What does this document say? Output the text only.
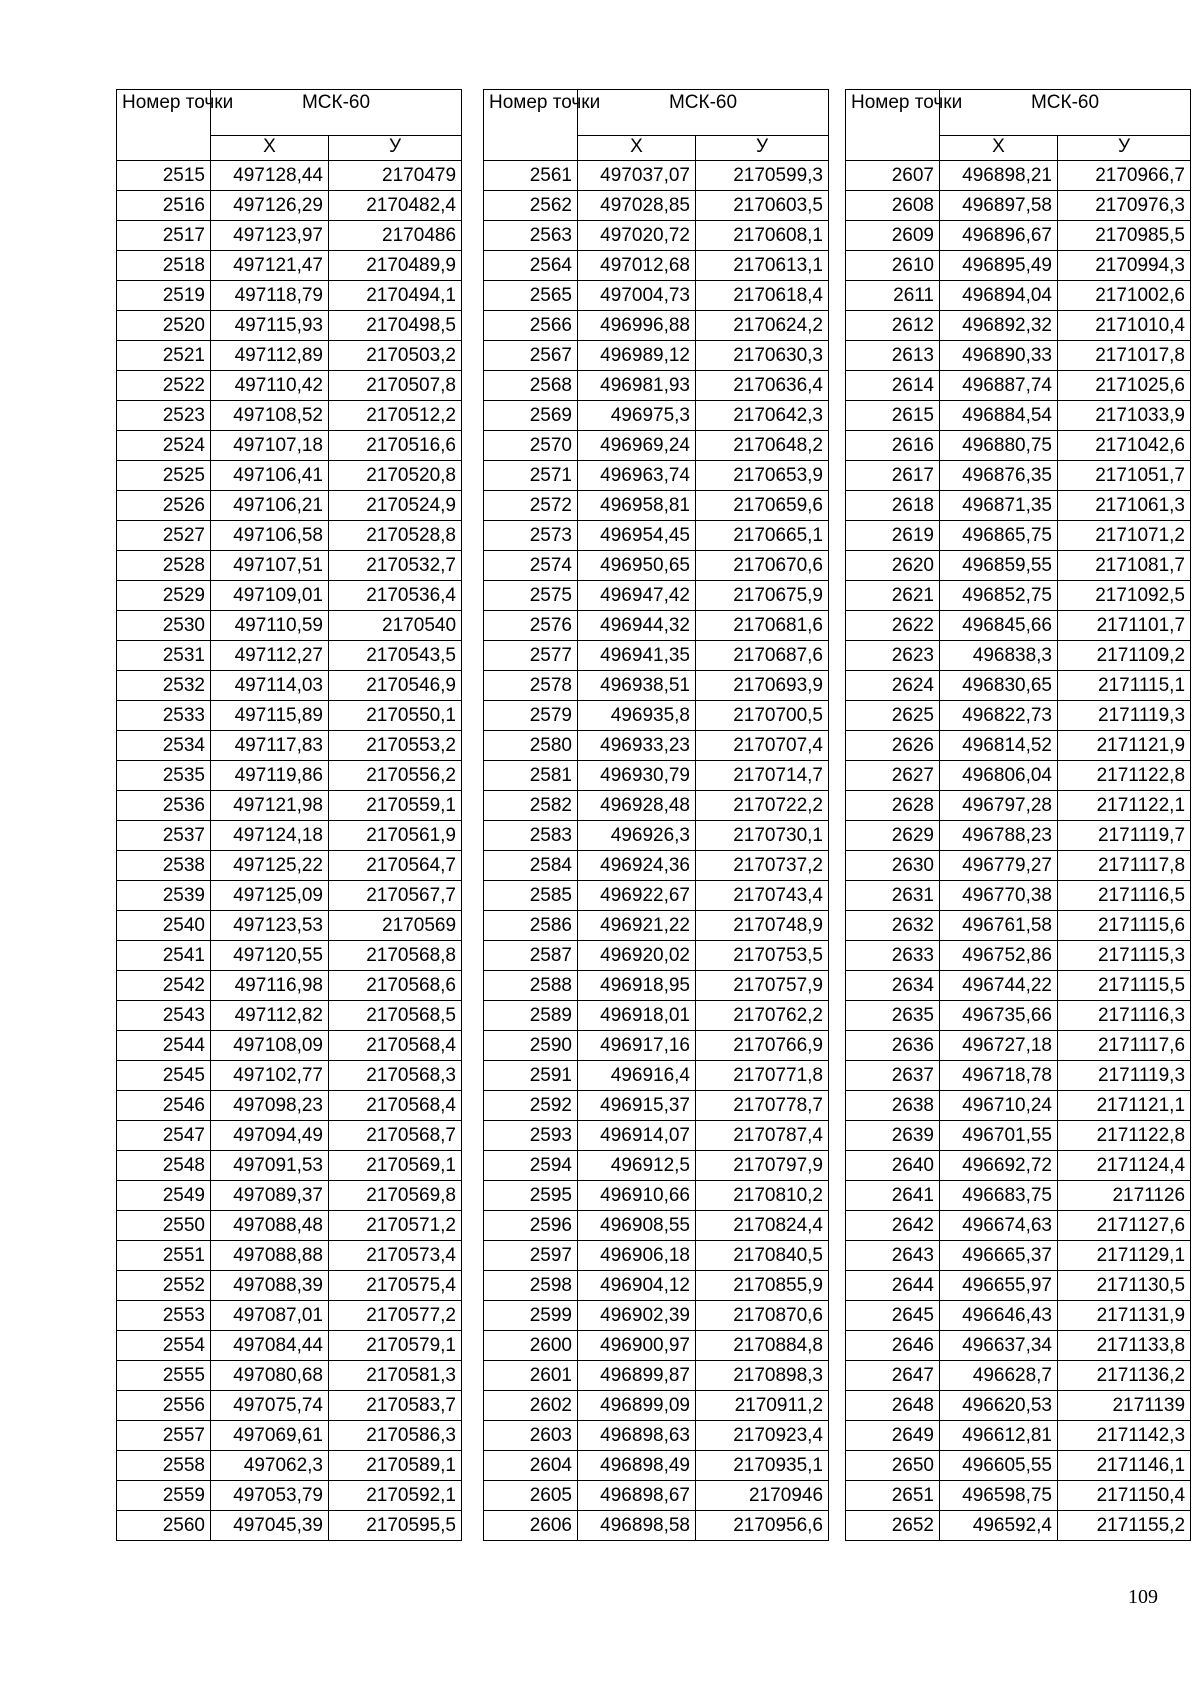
Номер точки	МСК-60	
	Х	У
2515	497128,44	2170479
2516	497126,29	2170482,4
2517	497123,97	2170486
2518	497121,47	2170489,9
2519	497118,79	2170494,1
2520	497115,93	2170498,5
2521	497112,89	2170503,2
2522	497110,42	2170507,8
2523	497108,52	2170512,2
2524	497107,18	2170516,6
2525	497106,41	2170520,8
2526	497106,21	2170524,9
2527	497106,58	2170528,8
2528	497107,51	2170532,7
2529	497109,01	2170536,4
2530	497110,59	2170540
2531	497112,27	2170543,5
2532	497114,03	2170546,9
2533	497115,89	2170550,1
2534	497117,83	2170553,2
2535	497119,86	2170556,2
2536	497121,98	2170559,1
2537	497124,18	2170561,9
2538	497125,22	2170564,7
2539	497125,09	2170567,7
2540	497123,53	2170569
2541	497120,55	2170568,8
2542	497116,98	2170568,6
2543	497112,82	2170568,5
2544	497108,09	2170568,4
2545	497102,77	2170568,3
2546	497098,23	2170568,4
2547	497094,49	2170568,7
2548	497091,53	2170569,1
2549	497089,37	2170569,8
2550	497088,48	2170571,2
2551	497088,88	2170573,4
2552	497088,39	2170575,4
2553	497087,01	2170577,2
2554	497084,44	2170579,1
2555	497080,68	2170581,3
2556	497075,74	2170583,7
2557	497069,61	2170586,3
2558	497062,3	2170589,1
2559	497053,79	2170592,1
2560	497045,39	2170595,5
Номер точки	МСК-60	
	Х	У
2561	497037,07	2170599,3
2562	497028,85	2170603,5
2563	497020,72	2170608,1
2564	497012,68	2170613,1
2565	497004,73	2170618,4
2566	496996,88	2170624,2
2567	496989,12	2170630,3
2568	496981,93	2170636,4
2569	496975,3	2170642,3
2570	496969,24	2170648,2
2571	496963,74	2170653,9
2572	496958,81	2170659,6
2573	496954,45	2170665,1
2574	496950,65	2170670,6
2575	496947,42	2170675,9
2576	496944,32	2170681,6
2577	496941,35	2170687,6
2578	496938,51	2170693,9
2579	496935,8	2170700,5
2580	496933,23	2170707,4
2581	496930,79	2170714,7
2582	496928,48	2170722,2
2583	496926,3	2170730,1
2584	496924,36	2170737,2
2585	496922,67	2170743,4
2586	496921,22	2170748,9
2587	496920,02	2170753,5
2588	496918,95	2170757,9
2589	496918,01	2170762,2
2590	496917,16	2170766,9
2591	496916,4	2170771,8
2592	496915,37	2170778,7
2593	496914,07	2170787,4
2594	496912,5	2170797,9
2595	496910,66	2170810,2
2596	496908,55	2170824,4
2597	496906,18	2170840,5
2598	496904,12	2170855,9
2599	496902,39	2170870,6
2600	496900,97	2170884,8
2601	496899,87	2170898,3
2602	496899,09	2170911,2
2603	496898,63	2170923,4
2604	496898,49	2170935,1
2605	496898,67	2170946
2606	496898,58	2170956,6
Номер точки	МСК-60	
	Х	У
2607	496898,21	2170966,7
2608	496897,58	2170976,3
2609	496896,67	2170985,5
2610	496895,49	2170994,3
2611	496894,04	2171002,6
2612	496892,32	2171010,4
2613	496890,33	2171017,8
2614	496887,74	2171025,6
2615	496884,54	2171033,9
2616	496880,75	2171042,6
2617	496876,35	2171051,7
2618	496871,35	2171061,3
2619	496865,75	2171071,2
2620	496859,55	2171081,7
2621	496852,75	2171092,5
2622	496845,66	2171101,7
2623	496838,3	2171109,2
2624	496830,65	2171115,1
2625	496822,73	2171119,3
2626	496814,52	2171121,9
2627	496806,04	2171122,8
2628	496797,28	2171122,1
2629	496788,23	2171119,7
2630	496779,27	2171117,8
2631	496770,38	2171116,5
2632	496761,58	2171115,6
2633	496752,86	2171115,3
2634	496744,22	2171115,5
2635	496735,66	2171116,3
2636	496727,18	2171117,6
2637	496718,78	2171119,3
2638	496710,24	2171121,1
2639	496701,55	2171122,8
2640	496692,72	2171124,4
2641	496683,75	2171126
2642	496674,63	2171127,6
2643	496665,37	2171129,1
2644	496655,97	2171130,5
2645	496646,43	2171131,9
2646	496637,34	2171133,8
2647	496628,7	2171136,2
2648	496620,53	2171139
2649	496612,81	2171142,3
2650	496605,55	2171146,1
2651	496598,75	2171150,4
2652	496592,4	2171155,2
109
